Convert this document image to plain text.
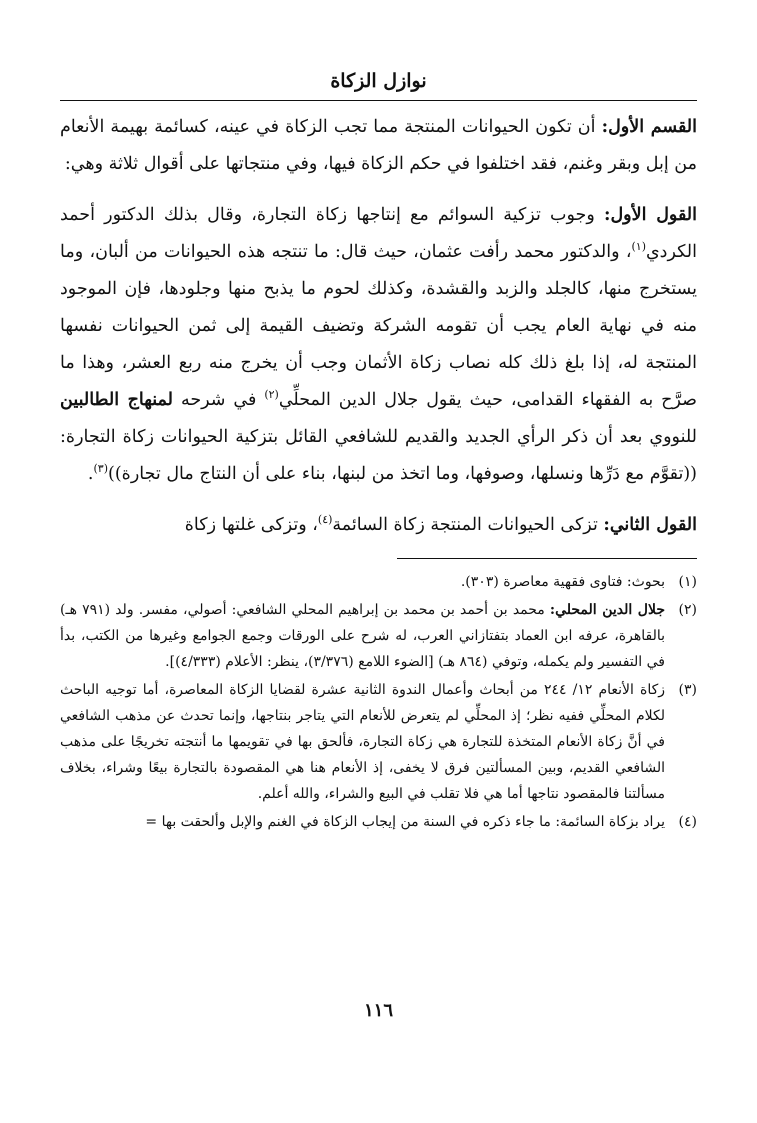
نوازل الزكاة

القسم الأول: أن تكون الحيوانات المنتجة مما تجب الزكاة في عينه، كسائمة بهيمة الأنعام من إبل وبقر وغنم، فقد اختلفوا في حكم الزكاة فيها، وفي منتجاتها على أقوال ثلاثة وهي:

القول الأول: وجوب تزكية السوائم مع إنتاجها زكاة التجارة، وقال بذلك الدكتور أحمد الكردي$^{(١)}$، والدكتور محمد رأفت عثمان، حيث قال: ما تنتجه هذه الحيوانات من ألبان، وما يستخرج منها، كالجلد والزبد والقشدة، وكذلك لحوم ما يذبح منها وجلودها، فإن الموجود منه في نهاية العام يجب أن تقومه الشركة وتضيف القيمة إلى ثمن الحيوانات نفسها المنتجة له، إذا بلغ ذلك كله نصاب زكاة الأثمان وجب أن يخرج منه ربع العشر، وهذا ما صرَّح به الفقهاء القدامى، حيث يقول جلال الدين المحلِّي$^{(٢)}$ في شرحه لمنهاج الطالبين للنووي بعد أن ذكر الرأي الجديد والقديم للشافعي القائل بتزكية الحيوانات زكاة التجارة: ((تقوَّم مع دَرِّها ونسلها، وصوفها، وما اتخذ من لبنها، بناء على أن النتاج مال تجارة))$^{(٣)}$.

القول الثاني: تزكى الحيوانات المنتجة زكاة السائمة$^{(٤)}$، وتزكى غلتها زكاة

(١)
بحوث: فتاوى فقهية معاصرة (٣٠٣).
(٢)
جلال الدين المحلي: محمد بن أحمد بن محمد بن إبراهيم المحلي الشافعي: أصولي، مفسر. ولد (٧٩١ هـ) بالقاهرة، عرفه ابن العماد بتفتازاني العرب، له شرح على الورقات وجمع الجوامع وغيرها من الكتب، بدأ في التفسير ولم يكمله، وتوفي (٨٦٤ هـ) [الضوء اللامع (٣/٣٧٦)، ينظر: الأعلام (٤/٣٣٣)].
(٣)
زكاة الأنعام ١٢/ ٢٤٤ من أبحاث وأعمال الندوة الثانية عشرة لقضايا الزكاة المعاصرة، أما توجيه الباحث لكلام المحلِّي ففيه نظر؛ إذ المحلِّي لم يتعرض للأنعام التي يتاجر بنتاجها، وإنما تحدث عن مذهب الشافعي في أنَّ زكاة الأنعام المتخذة للتجارة هي زكاة التجارة، فألحق بها في تقويمها ما أنتجته تخريجًا على مذهب الشافعي القديم، وبين المسألتين فرق لا يخفى، إذ الأنعام هنا هي المقصودة بالتجارة بيعًا وشراء، بخلاف مسألتنا فالمقصود نتاجها أما هي فلا تقلب في البيع والشراء، والله أعلم.
(٤)
يراد بزكاة السائمة: ما جاء ذكره في السنة من إيجاب الزكاة في الغنم والإبل وألحقت بها =
١١٦
